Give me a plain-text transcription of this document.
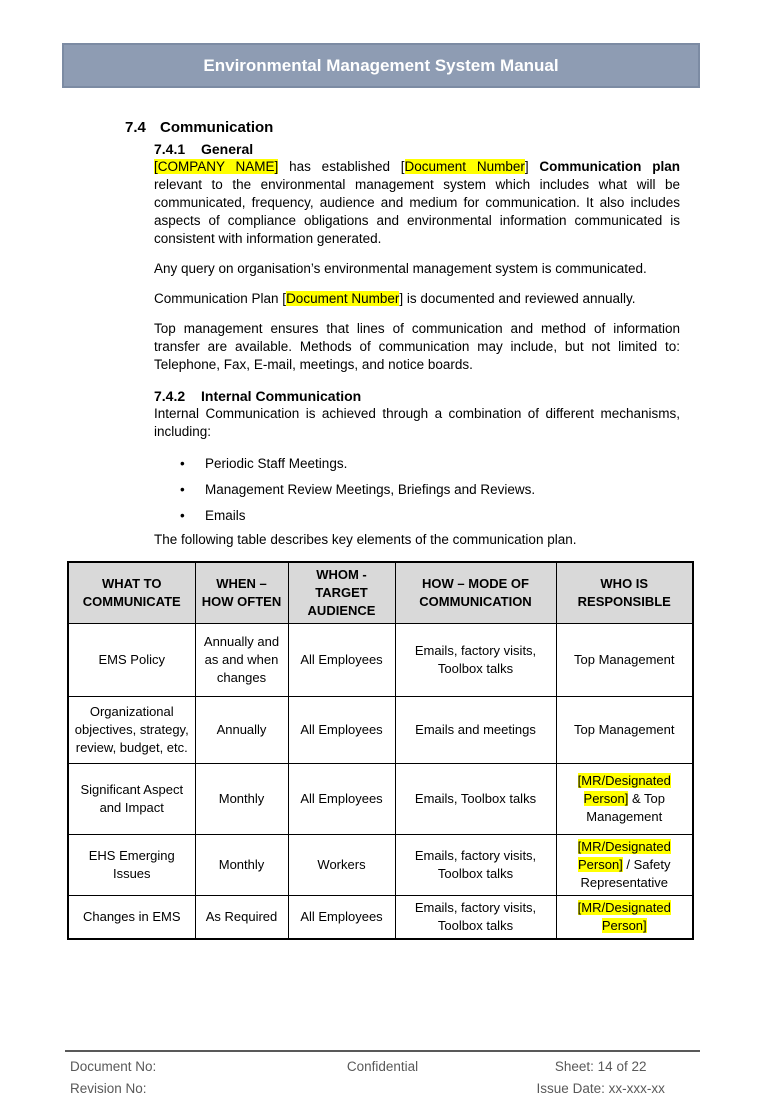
Environmental Management System Manual
7.4 Communication
7.4.1 General

[COMPANY NAME] has established [Document Number] Communication plan relevant to the environmental management system which includes what will be communicated, frequency, audience and medium for communication. It also includes aspects of compliance obligations and environmental information communicated is consistent with information generated.

Any query on organisation’s environmental management system is communicated.

Communication Plan [Document Number] is documented and reviewed annually.

Top management ensures that lines of communication and method of information transfer are available. Methods of communication may include, but not limited to: Telephone, Fax, E-mail, meetings, and notice boards.

7.4.2 Internal Communication

Internal Communication is achieved through a combination of different mechanisms, including:

• Periodic Staff Meetings.
• Management Review Meetings, Briefings and Reviews.
• Emails

The following table describes key elements of the communication plan.

WHAT TO COMMUNICATE	WHEN – HOW OFTEN	WHOM - TARGET AUDIENCE	HOW – MODE OF COMMUNICATION	WHO IS RESPONSIBLE
EMS Policy	Annually and as and when changes	All Employees	Emails, factory visits, Toolbox talks	Top Management
Organizational objectives, strategy, review, budget, etc.	Annually	All Employees	Emails and meetings	Top Management
Significant Aspect and Impact	Monthly	All Employees	Emails, Toolbox talks	[MR/Designated Person] & Top Management
EHS Emerging Issues	Monthly	Workers	Emails, factory visits, Toolbox talks	[MR/Designated Person] / Safety Representative
Changes in EMS	As Required	All Employees	Emails, factory visits, Toolbox talks	[MR/Designated Person]
Document No:
Revision No:
Confidential	Sheet: 14 of 22
Issue Date: xx-xxx-xx
